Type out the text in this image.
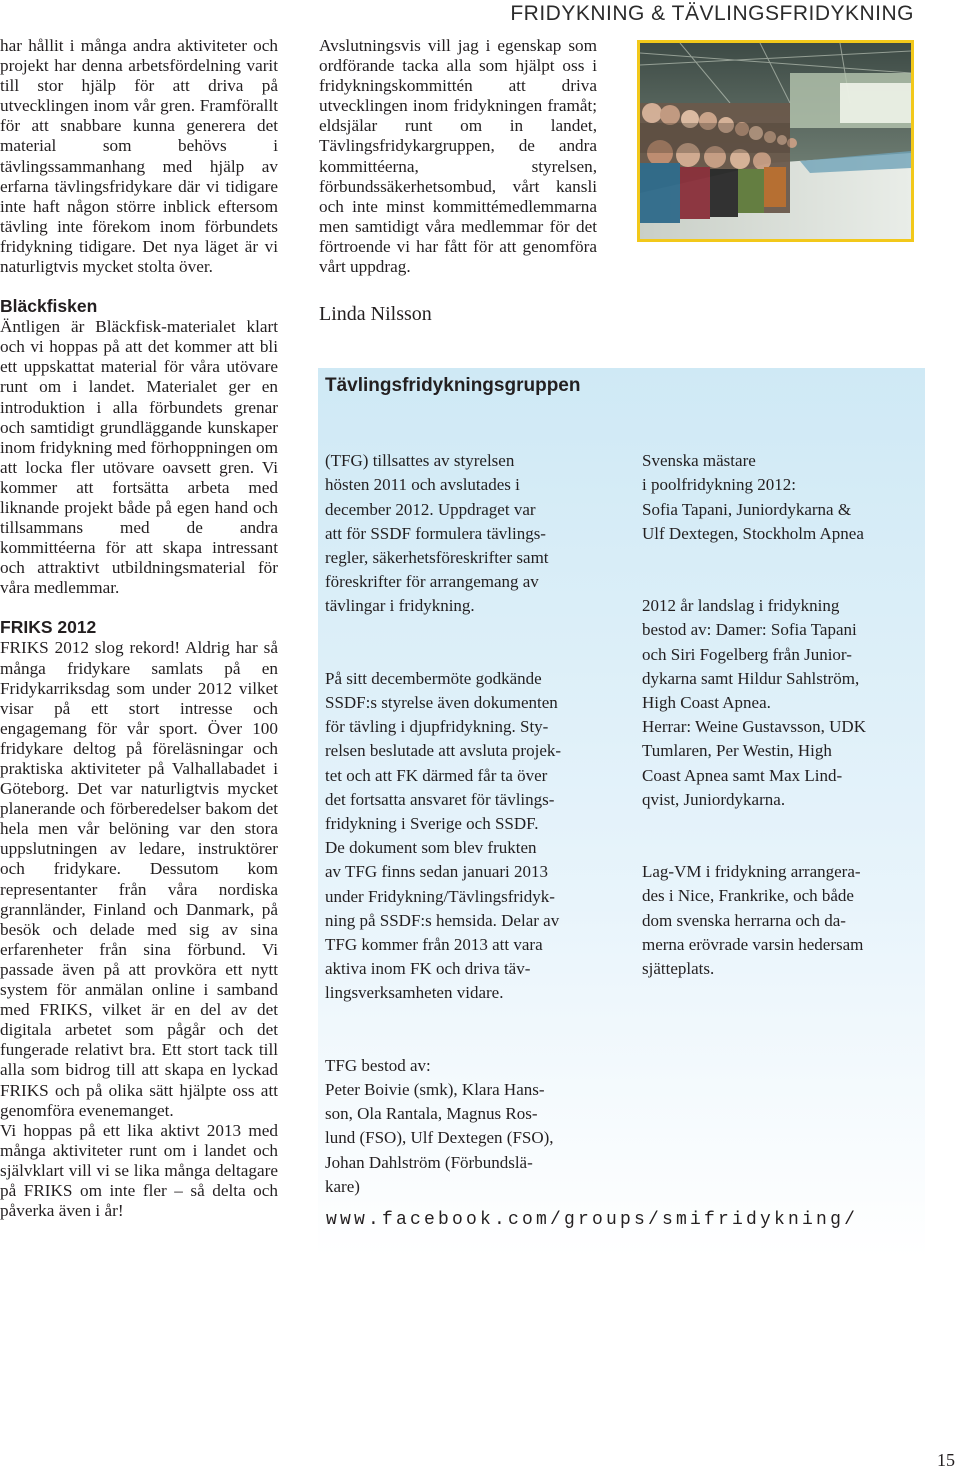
FRIDYKNING & TÄVLINGSFRIDYKNING

har hållit i många andra aktiviteter och projekt har denna arbetsfördelning varit till stor hjälp för att driva på utvecklingen inom vår gren. Framförallt för att snabbare kunna generera det material som behövs i tävlingssammanhang med hjälp av erfarna tävlingsfridykare där vi tidigare inte haft någon större inblick eftersom tävling inte förekom inom förbundets fridykning tidigare. Det nya läget är vi naturligtvis mycket stolta över.

Bläckfisken

Äntligen är Bläckfisk-materialet klart och vi hoppas på att det kommer att bli ett uppskattat material för våra utövare runt om i landet. Materialet ger en introduktion i alla förbundets grenar och samtidigt grundläggande kunskaper inom fridykning med förhoppningen om att locka fler utövare oavsett gren. Vi kommer att fortsätta arbeta med liknande projekt både på egen hand och tillsammans med de andra kommittéerna för att skapa intressant och attraktivt utbildningsmaterial för våra medlemmar.

FRIKS 2012

FRIKS 2012 slog rekord! Aldrig har så många fridykare samlats på en Fridykarriksdag som under 2012 vilket visar på ett stort intresse och engagemang för vår sport. Över 100 fridykare deltog på föreläsningar och praktiska aktiviteter på Valhallabadet i Göteborg. Det var naturligtvis mycket planerande och förberedelser bakom det hela men vår belöning var den stora uppslutningen av ledare, instruktörer och fridykare. Dessutom kom representanter från våra nordiska grannländer, Finland och Danmark, på besök och delade med sig av sina erfarenheter från sina förbund. Vi passade även på att provköra ett nytt system för anmälan online i samband med FRIKS, vilket är en del av det digitala arbetet som pågår och det fungerade relativt bra. Ett stort tack till alla som bidrog till att skapa en lyckad FRIKS och på olika sätt hjälpte oss att genomföra evenemanget.

Vi hoppas på ett lika aktivt 2013 med många aktiviteter runt om i landet och självklart vill vi se lika många deltagare på FRIKS om inte fler – så delta och påverka även i år!

Avslutningsvis vill jag i egenskap som ordförande tacka alla som hjälpt oss i fridykningskommittén att driva utvecklingen inom fridykningen framåt; eldsjälar runt om in landet, Tävlingsfridykargruppen, de andra kommittéerna, styrelsen, förbundssäkerhetsombud, vårt kansli och inte minst kommittémedlemmarna men samtidigt våra medlemmar för det förtroende vi har fått för att genomföra vårt uppdrag.

Linda Nilsson
Tävlingsfridykningsgruppen

(TFG) tillsattes av styrelsen
hösten 2011 och avslutades i
december 2012. Uppdraget var
att för SSDF formulera tävlings-
regler, säkerhetsföreskrifter samt
föreskrifter för arrangemang av
tävlingar i fridykning.

På sitt decembermöte godkände
SSDF:s styrelse även dokumenten
för tävling i djupfridykning. Sty-
relsen beslutade att avsluta projek-
tet och att FK därmed får ta över
det fortsatta ansvaret för tävlings-
fridykning i Sverige och SSDF.
De dokument som blev frukten
av TFG finns sedan januari 2013
under Fridykning/Tävlingsfridyk-
ning på SSDF:s hemsida. Delar av
TFG kommer från 2013 att vara
aktiva inom FK och driva täv-
lingsverksamheten vidare.

TFG bestod av:
Peter Boivie (smk), Klara Hans-
son, Ola Rantala, Magnus Ros-
lund (FSO), Ulf Dextegen (FSO),
Johan Dahlström (Förbundslä-
kare)

Svenska mästare
i poolfridykning 2012:
Sofia Tapani, Juniordykarna &
Ulf Dextegen, Stockholm Apnea

2012 år landslag i fridykning
bestod av: Damer: Sofia Tapani
och Siri Fogelberg från Junior-
dykarna samt Hildur Sahlström,
High Coast Apnea.
Herrar: Weine Gustavsson, UDK
Tumlaren, Per Westin, High
Coast Apnea samt Max Lind-
qvist, Juniordykarna.

Lag-VM i fridykning arrangera-
des i Nice, Frankrike, och både
dom svenska herrarna och da-
merna erövrade varsin hedersam
sjätteplats.

www.facebook.com/groups/smifridykning/
15
